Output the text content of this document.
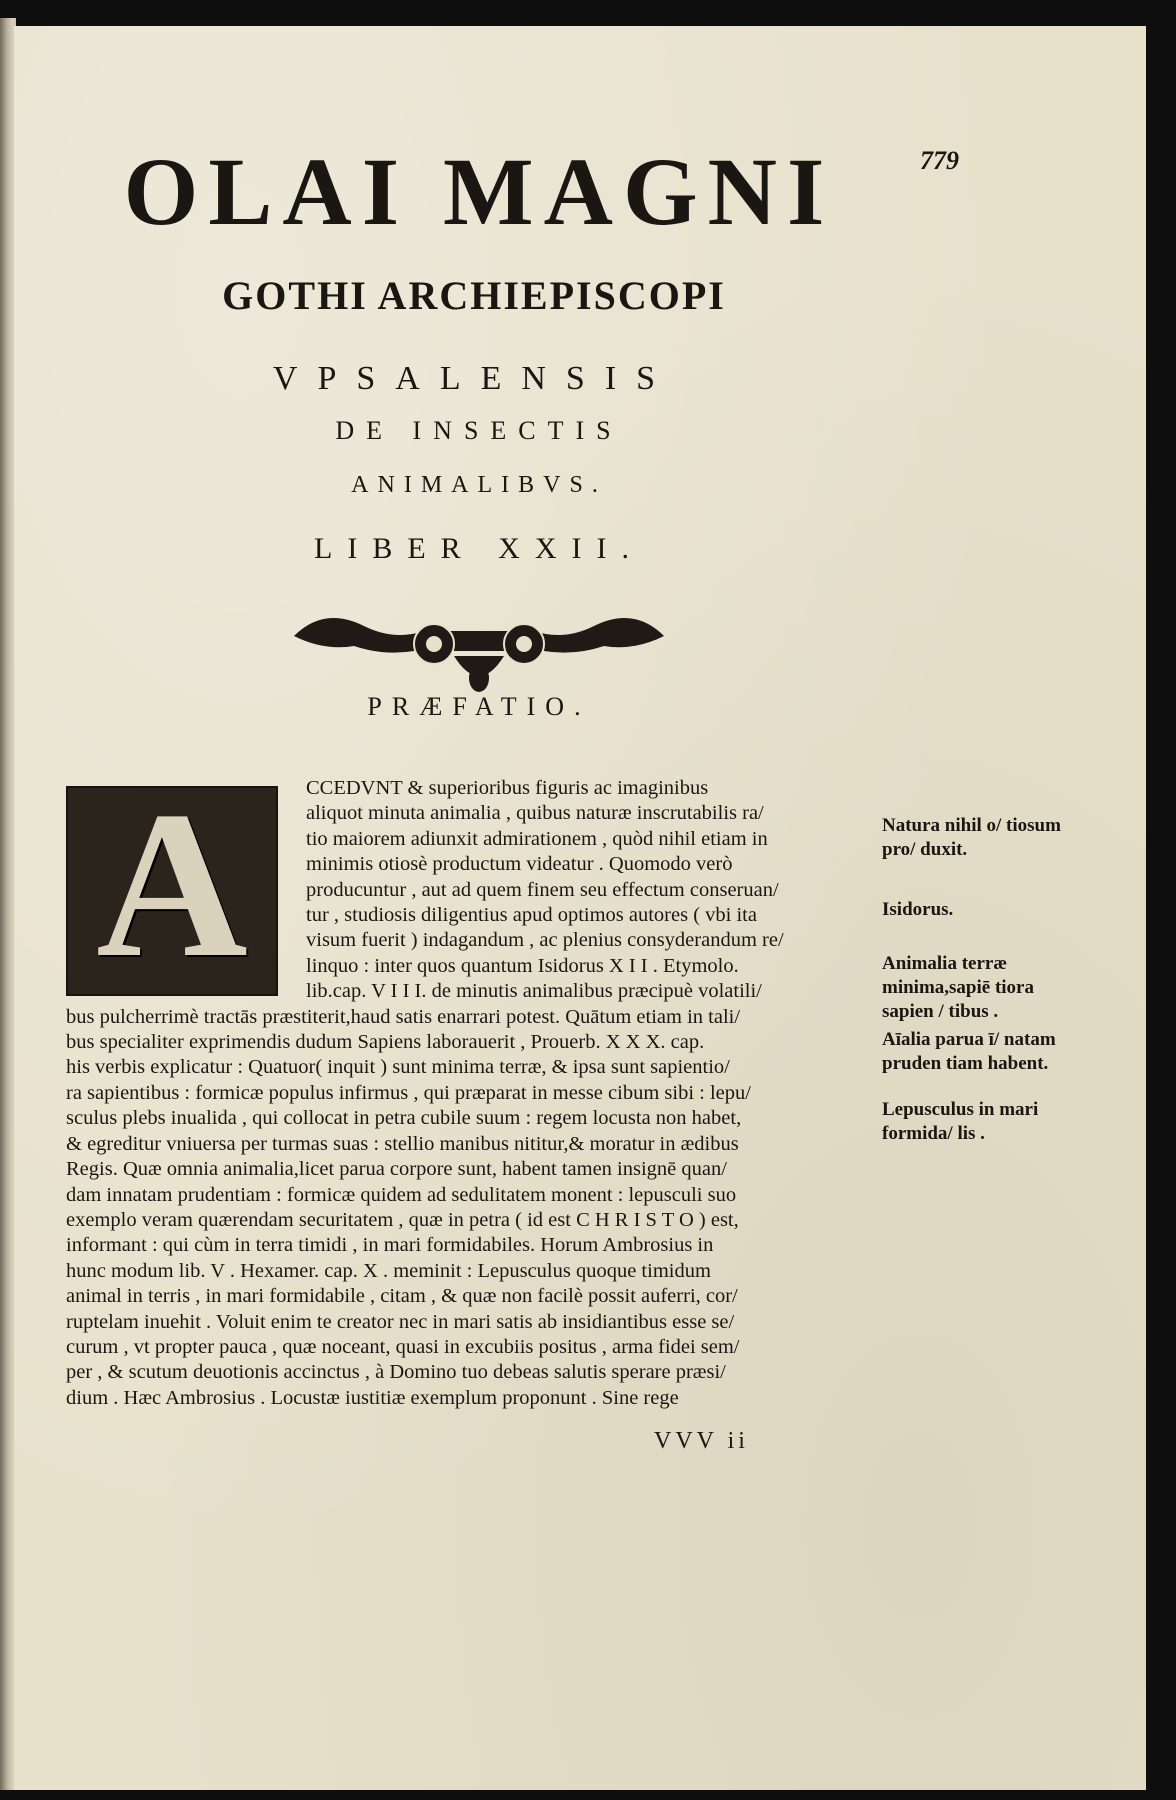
779
OLAI MAGNI
GOTHI ARCHIEPISCOPI
VPSALENSIS
DE INSECTIS
ANIMALIBVS.
LIBER XXII.
PRÆFATIO.
A	CCEDVNT & superioribus figuris ac imaginibus

aliquot minuta animalia , quibus naturæ inscrutabilis ra/

tio maiorem adiunxit admirationem , quòd nihil etiam in

minimis otiosè productum videatur . Quomodo verò

producuntur , aut ad quem finem seu effectum conseruan/

tur , studiosis diligentius apud optimos autores ( vbi ita

visum fuerit ) indagandum , ac plenius consyderandum re/

linquo : inter quos quantum Isidorus X I I . Etymolo.

lib.cap. V I I I. de minutis animalibus præcipuè volatili/

bus pulcherrimè tractās præstiterit,haud satis enarrari potest. Quātum etiam in tali/

bus specialiter exprimendis dudum Sapiens laborauerit , Prouerb. X X X. cap.

his verbis explicatur : Quatuor( inquit ) sunt minima terræ, & ipsa sunt sapientio/

ra sapientibus : formicæ populus infirmus , qui præparat in messe cibum sibi : lepu/

sculus plebs inualida , qui collocat in petra cubile suum : regem locusta non habet,

& egreditur vniuersa per turmas suas : stellio manibus nititur,& moratur in ædibus

Regis. Quæ omnia animalia,licet parua corpore sunt, habent tamen insignē quan/

dam innatam prudentiam : formicæ quidem ad sedulitatem monent : lepusculi suo

exemplo veram quærendam securitatem , quæ in petra ( id est C H R I S T O ) est,

informant : qui cùm in terra timidi , in mari formidabiles. Horum Ambrosius in

hunc modum lib. V . Hexamer. cap. X . meminit : Lepusculus quoque timidum

animal in terris , in mari formidabile , citam , & quæ non facilè possit auferri, cor/

ruptelam inuehit . Voluit enim te creator nec in mari satis ab insidiantibus esse se/

curum , vt propter pauca , quæ noceant, quasi in excubiis positus , arma fidei sem/

per , & scutum deuotionis accinctus , à Domino tuo debeas salutis sperare præsi/

dium . Hæc Ambrosius . Locustæ iustitiæ exemplum proponunt . Sine rege

Natura nihil o/ tiosum pro/ duxit.

Isidorus.

Animalia terræ minima,sapiē tiora sapien / tibus .

Aīalia parua ī/ natam pruden tiam habent.

Lepusculus in mari formida/ lis .

VVV ii
